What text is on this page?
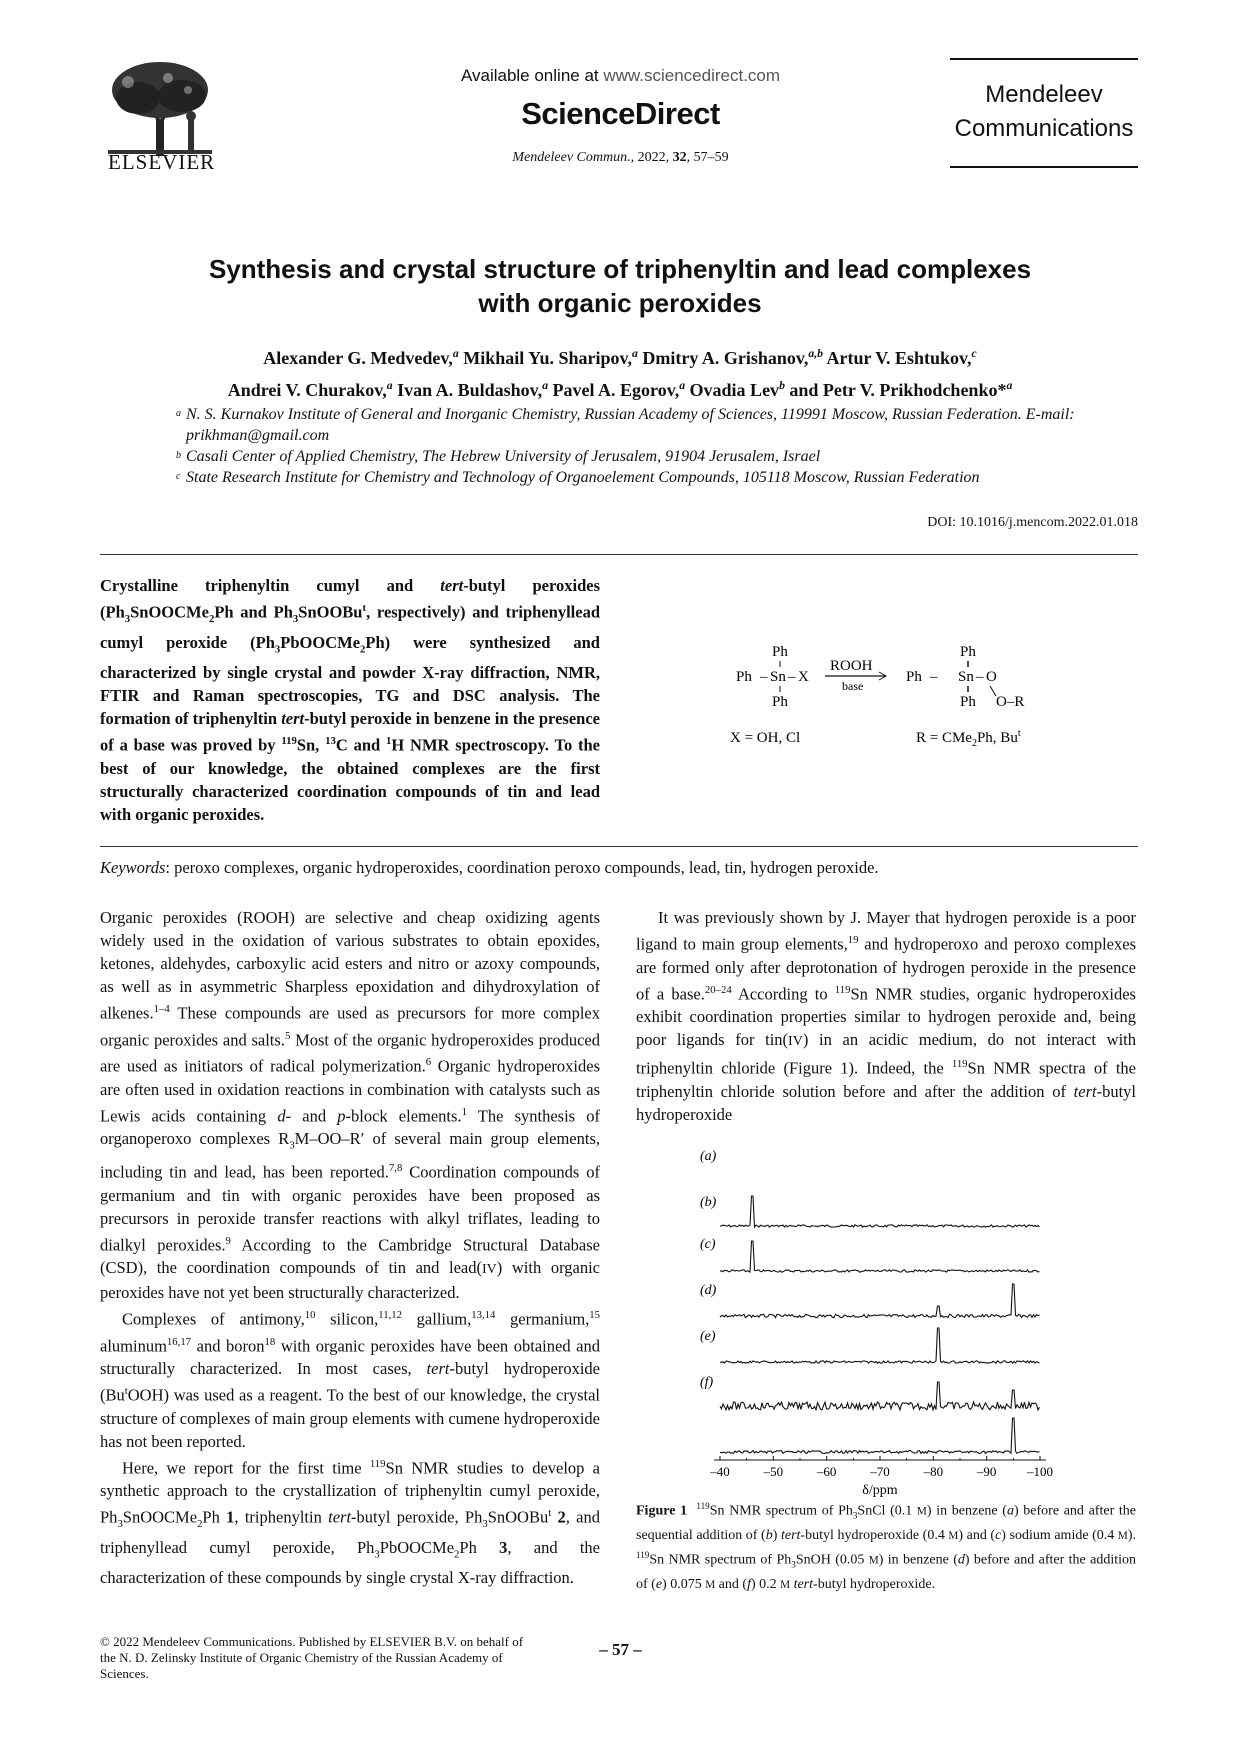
ELSEVIER
Available online at www.sciencedirect.com
ScienceDirect
Mendeleev Commun., 2022, 32, 57–59
Mendeleev
Communications
Synthesis and crystal structure of triphenyltin and lead complexes
with organic peroxides
Alexander G. Medvedev,$^a$ Mikhail Yu. Sharipov,$^a$ Dmitry A. Grishanov,$^{a,b}$ Artur V. Eshtukov,$^c$
Andrei V. Churakov,$^a$ Ivan A. Buldashov,$^a$ Pavel A. Egorov,$^a$ Ovadia Lev$^b$ and Petr V. Prikhodchenko*$^a$
a N. S. Kurnakov Institute of General and Inorganic Chemistry, Russian Academy of Sciences, 119991 Moscow, Russian Federation. E-mail: prikhman@gmail.com
b Casali Center of Applied Chemistry, The Hebrew University of Jerusalem, 91904 Jerusalem, Israel
c State Research Institute for Chemistry and Technology of Organoelement Compounds, 105118 Moscow, Russian Federation
DOI: 10.1016/j.mencom.2022.01.018
Crystalline triphenyltin cumyl and tert-butyl peroxides ($Ph_3SnOOCMe_2Ph$ and $Ph_3SnOOBu^t$, respectively) and triphenyllead cumyl peroxide $(Ph_3PbOOCMe_2Ph)$ were synthesized and characterized by single crystal and powder X-ray diffraction, NMR, FTIR and Raman spectroscopies, TG and DSC analysis. The formation of triphenyltin tert-butyl peroxide in benzene in the presence of a base was proved by $^{119}$Sn, $^{13}$C and $^1$H NMR spectroscopy. To the best of our knowledge, the obtained complexes are the first structurally characterized coordination compounds of tin and lead with organic peroxides.
Ph
Ph – Sn – X
Ph
ROOH
base
Ph
Ph – Sn – O
Ph O–R
X = OH, Cl	R = CMe$_2$Ph, Bu$^t$
Keywords: peroxo complexes, organic hydroperoxides, coordination peroxo compounds, lead, tin, hydrogen peroxide.

Organic peroxides (ROOH) are selective and cheap oxidizing agents widely used in the oxidation of various substrates to obtain epoxides, ketones, aldehydes, carboxylic acid esters and nitro or azoxy compounds, as well as in asymmetric Sharpless epoxidation and dihydroxylation of alkenes.$^{1-4}$ These compounds are used as precursors for more complex organic peroxides and salts.$^5$ Most of the organic hydroperoxides produced are used as initiators of radical polymerization.$^6$ Organic hydroperoxides are often used in oxidation reactions in combination with catalysts such as Lewis acids containing d- and p-block elements.$^1$ The synthesis of organoperoxo complexes $R_3M-OO-R'$ of several main group elements, including tin and lead, has been reported.$^{7,8}$ Coordination compounds of germanium and tin with organic peroxides have been proposed as precursors in peroxide transfer reactions with alkyl triflates, leading to dialkyl peroxides.$^9$ According to the Cambridge Structural Database (CSD), the coordination compounds of tin and lead(IV) with organic peroxides have not yet been structurally characterized.

Complexes of antimony,$^{10}$ silicon,$^{11,12}$ gallium,$^{13,14}$ germanium,$^{15}$ aluminum$^{16,17}$ and boron$^{18}$ with organic peroxides have been obtained and structurally characterized. In most cases, tert-butyl hydroperoxide (Bu$^t$OOH) was used as a reagent. To the best of our knowledge, the crystal structure of complexes of main group elements with cumene hydroperoxide has not been reported.

Here, we report for the first time $^{119}$Sn NMR studies to develop a synthetic approach to the crystallization of triphenyltin cumyl peroxide, $Ph_3SnOOCMe_2Ph$ 1, triphenyltin tert-butyl peroxide, $Ph_3SnOOBu^t$ 2, and triphenyllead cumyl peroxide, $Ph_3PbOOCMe_2Ph$ 3, and the characterization of these compounds by single crystal X-ray diffraction.

It was previously shown by J. Mayer that hydrogen peroxide is a poor ligand to main group elements,$^{19}$ and hydroperoxo and peroxo complexes are formed only after deprotonation of hydrogen peroxide in the presence of a base.$^{20-24}$ According to $^{119}$Sn NMR studies, organic hydroperoxides exhibit coordination properties similar to hydrogen peroxide and, being poor ligands for tin(IV) in an acidic medium, do not interact with triphenyltin chloride (Figure 1). Indeed, the $^{119}$Sn NMR spectra of the triphenyltin chloride solution before and after the addition of tert-butyl hydroperoxide

(a)
(b)
(c)
(d)
(e)
(f)
–40	–50	–60	–70	–80	–90 –100
δ/ppm
Figure 1 $^{119}$Sn NMR spectrum of $Ph_3SnCl$ (0.1 M) in benzene (a) before and after the sequential addition of (b) tert-butyl hydroperoxide (0.4 M) and (c) sodium amide (0.4 M). $^{119}$Sn NMR spectrum of $Ph_3SnOH$ (0.05 M) in benzene (d) before and after the addition of (e) 0.075 M and (f) 0.2 M tert-butyl hydroperoxide.
© 2022 Mendeleev Communications. Published by ELSEVIER B.V. on behalf of the N. D. Zelinsky Institute of Organic Chemistry of the Russian Academy of Sciences.
– 57 –
